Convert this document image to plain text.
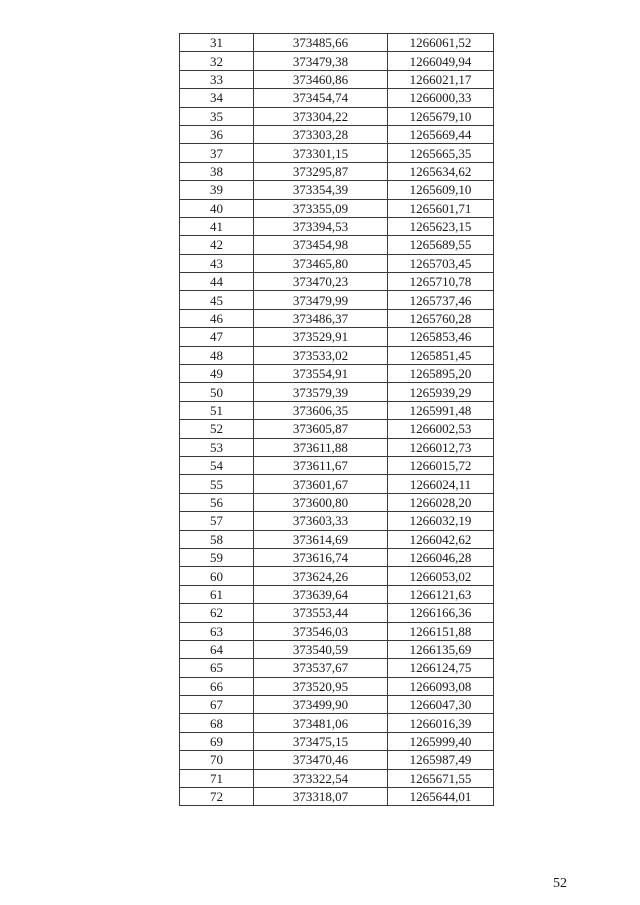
31	373485,66	1266061,52
32	373479,38	1266049,94
33	373460,86	1266021,17
34	373454,74	1266000,33
35	373304,22	1265679,10
36	373303,28	1265669,44
37	373301,15	1265665,35
38	373295,87	1265634,62
39	373354,39	1265609,10
40	373355,09	1265601,71
41	373394,53	1265623,15
42	373454,98	1265689,55
43	373465,80	1265703,45
44	373470,23	1265710,78
45	373479,99	1265737,46
46	373486,37	1265760,28
47	373529,91	1265853,46
48	373533,02	1265851,45
49	373554,91	1265895,20
50	373579,39	1265939,29
51	373606,35	1265991,48
52	373605,87	1266002,53
53	373611,88	1266012,73
54	373611,67	1266015,72
55	373601,67	1266024,11
56	373600,80	1266028,20
57	373603,33	1266032,19
58	373614,69	1266042,62
59	373616,74	1266046,28
60	373624,26	1266053,02
61	373639,64	1266121,63
62	373553,44	1266166,36
63	373546,03	1266151,88
64	373540,59	1266135,69
65	373537,67	1266124,75
66	373520,95	1266093,08
67	373499,90	1266047,30
68	373481,06	1266016,39
69	373475,15	1265999,40
70	373470,46	1265987,49
71	373322,54	1265671,55
72	373318,07	1265644,01
52
